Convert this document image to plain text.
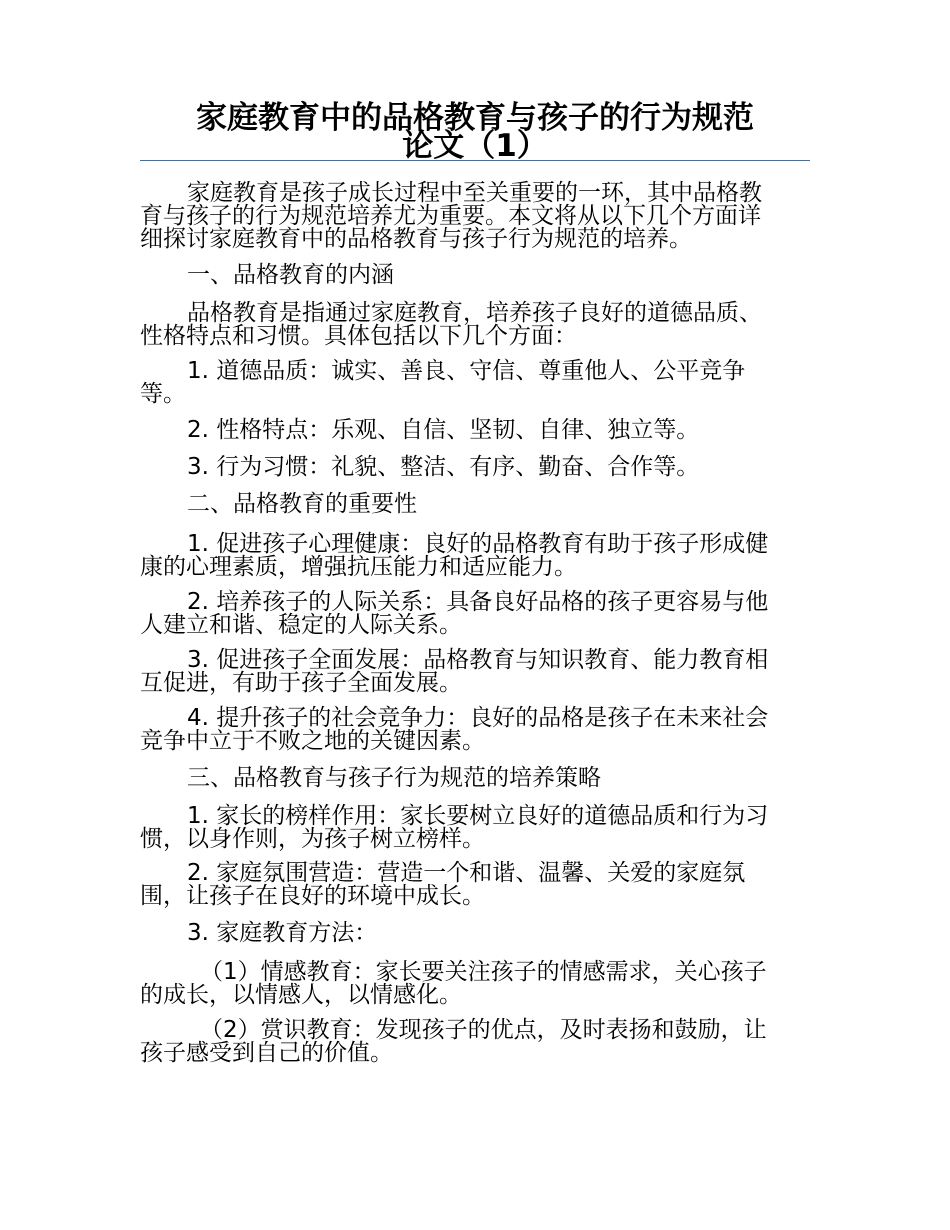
家庭教育中的品格教育与孩子的行为规范
论文（1）
家庭教育是孩子成长过程中至关重要的一环，其中品格教
育与孩子的行为规范培养尤为重要。本文将从以下几个方面详
细探讨家庭教育中的品格教育与孩子行为规范的培养。
一、品格教育的内涵
品格教育是指通过家庭教育，培养孩子良好的道德品质、
性格特点和习惯。具体包括以下几个方面：
1. 道德品质：诚实、善良、守信、尊重他人、公平竞争
等。
2. 性格特点：乐观、自信、坚韧、自律、独立等。
3. 行为习惯：礼貌、整洁、有序、勤奋、合作等。
二、品格教育的重要性
1. 促进孩子心理健康：良好的品格教育有助于孩子形成健
康的心理素质，增强抗压能力和适应能力。
2. 培养孩子的人际关系：具备良好品格的孩子更容易与他
人建立和谐、稳定的人际关系。
3. 促进孩子全面发展：品格教育与知识教育、能力教育相
互促进，有助于孩子全面发展。
4. 提升孩子的社会竞争力：良好的品格是孩子在未来社会
竞争中立于不败之地的关键因素。
三、品格教育与孩子行为规范的培养策略
1. 家长的榜样作用：家长要树立良好的道德品质和行为习
惯，以身作则，为孩子树立榜样。
2. 家庭氛围营造：营造一个和谐、温馨、关爱的家庭氛
围，让孩子在良好的环境中成长。
3. 家庭教育方法：
（1）情感教育：家长要关注孩子的情感需求，关心孩子
的成长，以情感人，以情感化。
（2）赏识教育：发现孩子的优点，及时表扬和鼓励，让
孩子感受到自己的价值。
